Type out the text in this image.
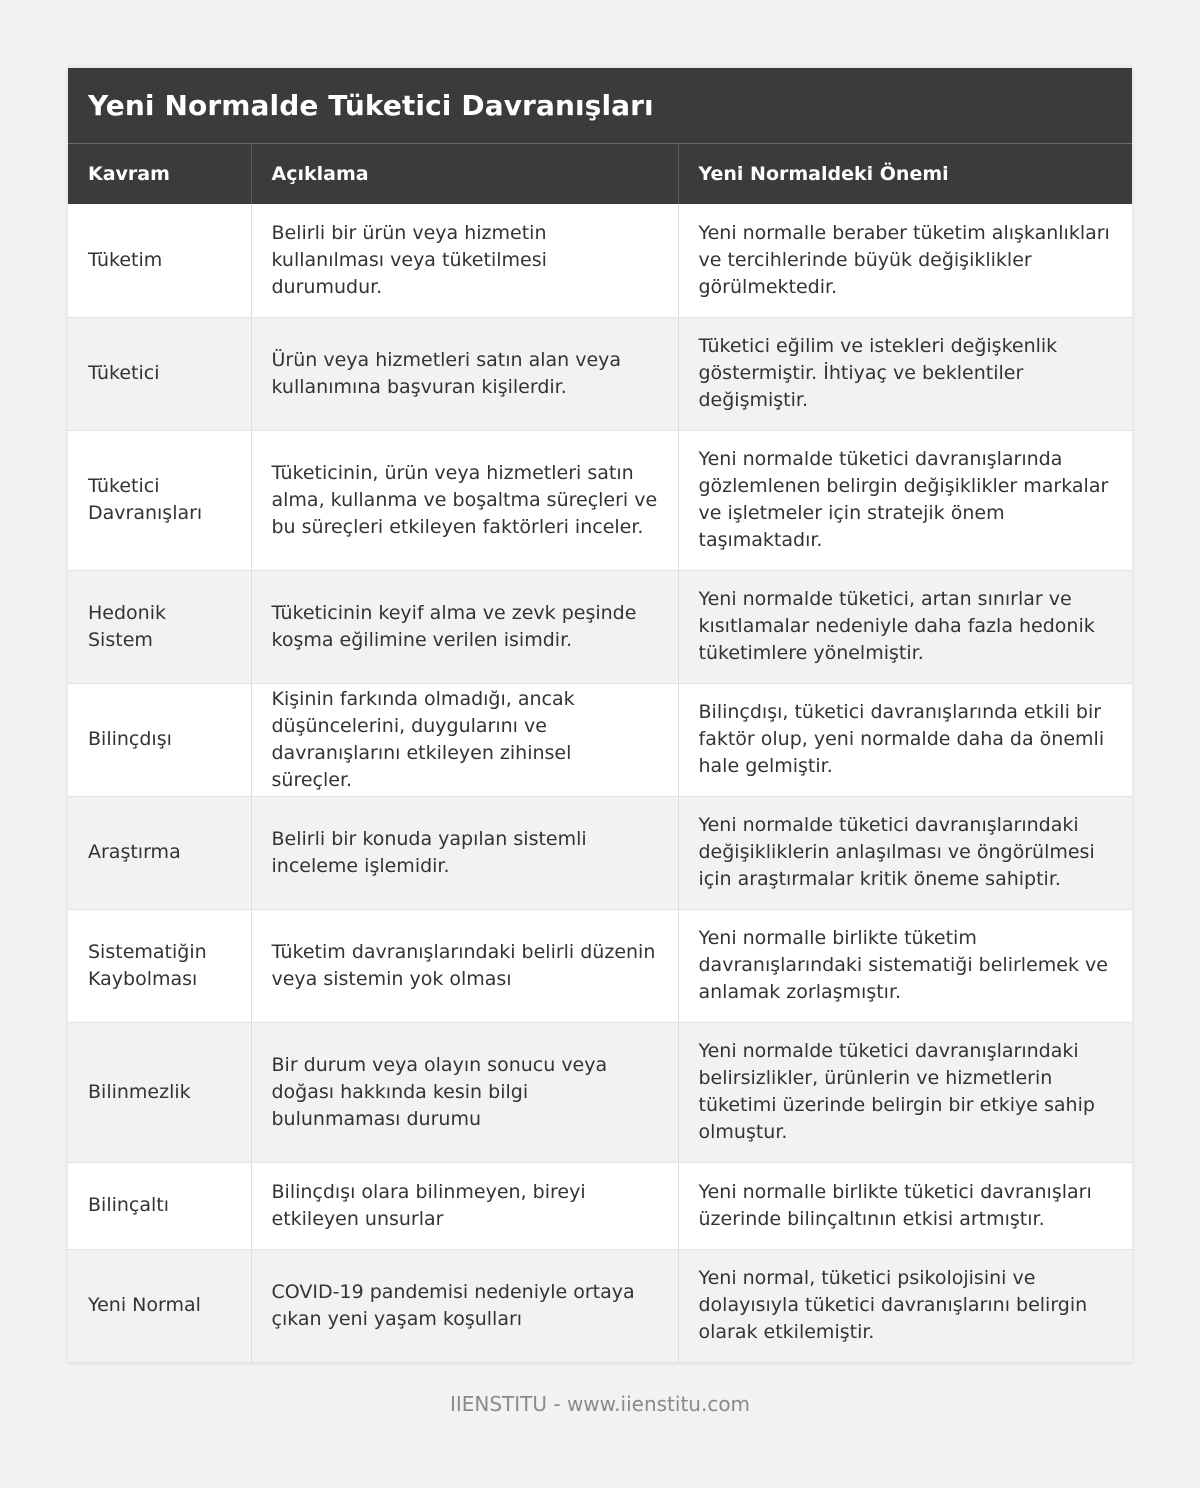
Yeni Normalde Tüketici Davranışları
Kavram	Açıklama	Yeni Normaldeki Önemi
Tüketim	Belirli bir ürün veya hizmetin kullanılması veya tüketilmesi durumudur.	Yeni normalle beraber tüketim alışkanlıkları ve tercihlerinde büyük değişiklikler görülmektedir.
Tüketici	Ürün veya hizmetleri satın alan veya kullanımına başvuran kişilerdir.	Tüketici eğilim ve istekleri değişkenlik göstermiştir. İhtiyaç ve beklentiler değişmiştir.
Tüketici Davranışları	Tüketicinin, ürün veya hizmetleri satın alma, kullanma ve boşaltma süreçleri ve bu süreçleri etkileyen faktörleri inceler.	Yeni normalde tüketici davranışlarında gözlemlenen belirgin değişiklikler markalar ve işletmeler için stratejik önem taşımaktadır.
Hedonik Sistem	Tüketicinin keyif alma ve zevk peşinde koşma eğilimine verilen isimdir.	Yeni normalde tüketici, artan sınırlar ve kısıtlamalar nedeniyle daha fazla hedonik tüketimlere yönelmiştir.
Bilinçdışı	Kişinin farkında olmadığı, ancak düşüncelerini, duygularını ve davranışlarını etkileyen zihinsel süreçler.	Bilinçdışı, tüketici davranışlarında etkili bir faktör olup, yeni normalde daha da önemli hale gelmiştir.
Araştırma	Belirli bir konuda yapılan sistemli inceleme işlemidir.	Yeni normalde tüketici davranışlarındaki değişikliklerin anlaşılması ve öngörülmesi için araştırmalar kritik öneme sahiptir.
Sistematiğin Kaybolması	Tüketim davranışlarındaki belirli düzenin veya sistemin yok olması	Yeni normalle birlikte tüketim davranışlarındaki sistematiği belirlemek ve anlamak zorlaşmıştır.
Bilinmezlik	Bir durum veya olayın sonucu veya doğası hakkında kesin bilgi bulunmaması durumu	Yeni normalde tüketici davranışlarındaki belirsizlikler, ürünlerin ve hizmetlerin tüketimi üzerinde belirgin bir etkiye sahip olmuştur.
Bilinçaltı	Bilinçdışı olara bilinmeyen, bireyi etkileyen unsurlar	Yeni normalle birlikte tüketici davranışları üzerinde bilinçaltının etkisi artmıştır.
Yeni Normal	COVID-19 pandemisi nedeniyle ortaya çıkan yeni yaşam koşulları	Yeni normal, tüketici psikolojisini ve dolayısıyla tüketici davranışlarını belirgin olarak etkilemiştir.
IIENSTITU - www.iienstitu.com
